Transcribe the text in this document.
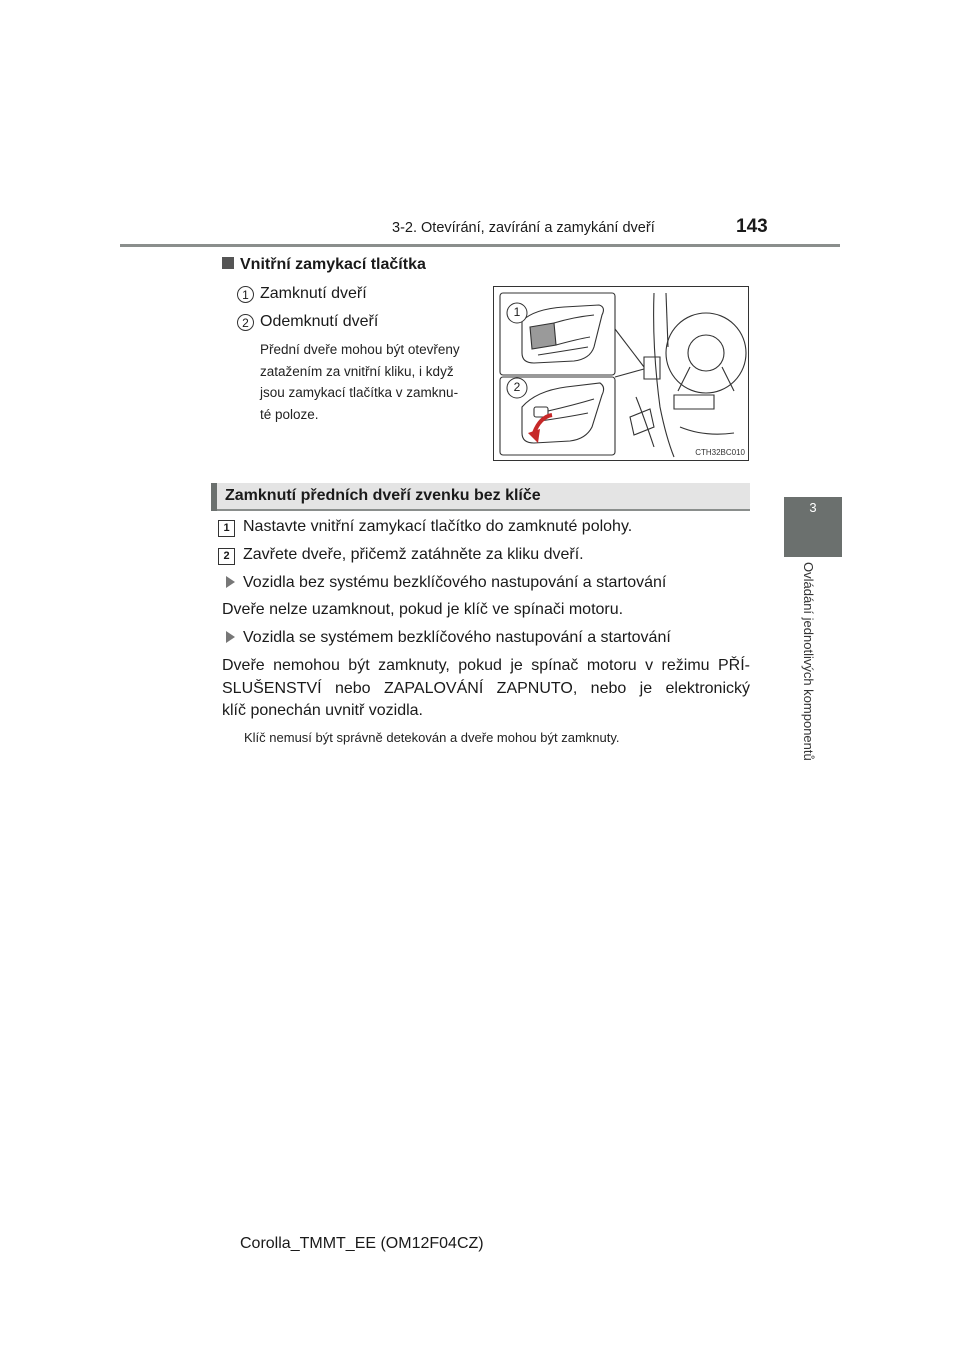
3-2. Otevírání, zavírání a zamykání dveří	143
3
Ovládání jednotlivých komponentů
Vnitřní zamykací tlačítka
1 Zamknutí dveří
2 Odemknutí dveří
Přední dveře mohou být otevřeny
zatažením za vnitřní kliku, i když
jsou zamykací tlačítka v zamknu-
té poloze.
1
2
CTH32BC010
Zamknutí předních dveří zvenku bez klíče
1 Nastavte vnitřní zamykací tlačítko do zamknuté polohy.
2 Zavřete dveře, přičemž zatáhněte za kliku dveří.
Vozidla bez systému bezklíčového nastupování a startování
Dveře nelze uzamknout, pokud je klíč ve spínači motoru.
Vozidla se systémem bezklíčového nastupování a startování
Dveře nemohou být zamknuty, pokud je spínač motoru v režimu PŘÍ-
SLUŠENSTVÍ nebo ZAPALOVÁNÍ ZAPNUTO, nebo je elektronický
klíč ponechán uvnitř vozidla.
Klíč nemusí být správně detekován a dveře mohou být zamknuty.
Corolla_TMMT_EE (OM12F04CZ)
